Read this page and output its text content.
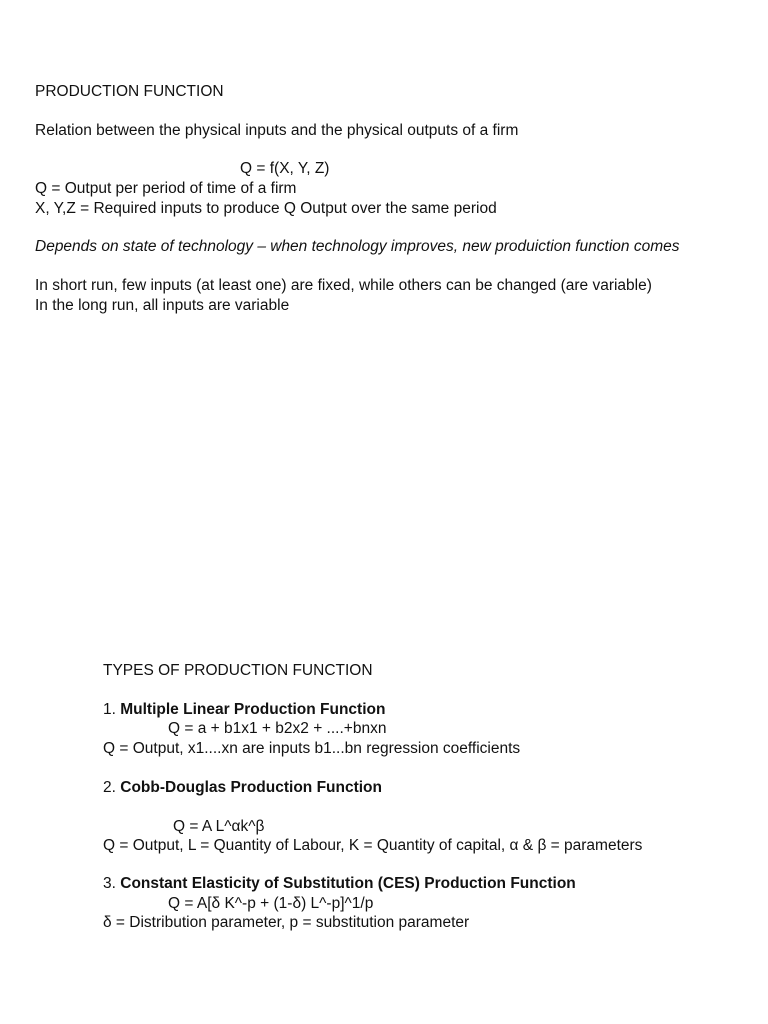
PRODUCTION FUNCTION
Relation between the physical inputs and the physical outputs of a firm
Q = f(X, Y, Z)
Q = Output per period of time of a firm
X, Y,Z = Required inputs to produce Q Output over the same period
Depends on state of technology – when technology improves, new produiction function comes
In short run, few inputs (at least one) are fixed, while others can be changed (are variable)
In the long run, all inputs are variable
TYPES OF PRODUCTION FUNCTION
1. Multiple Linear Production Function
Q = a + b1x1 + b2x2 + ....+bnxn
Q = Output, x1....xn are inputs b1...bn regression coefficients
2. Cobb-Douglas Production Function
Q = A L^αk^β
Q = Output, L = Quantity of Labour, K = Quantity of capital, α & β = parameters
3. Constant Elasticity of Substitution (CES) Production Function
Q = A[δ K^-p + (1-δ) L^-p]^1/p
δ = Distribution parameter, p = substitution parameter
